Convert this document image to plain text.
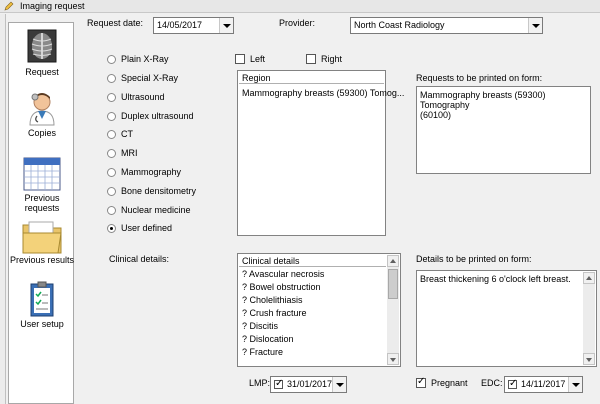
Imaging request
Request
Copies
Previous requests
Previous results
User setup
Request date: 14/05/2017	Provider:	North Coast Radiology
Plain X-Ray
Special X-Ray
Ultrasound
Duplex ultrasound
CT
MRI
Mammography
Bone densitometry
Nuclear medicine
User defined
Left	Right
Region
Mammography breasts (59300) Tomog...
Requests to be printed on form:
Mammography breasts (59300) Tomography
(60100)
Clinical details:	Clinical details
? Avascular necrosis
? Bowel obstruction
? Cholelithiasis
? Crush fracture
? Discitis
? Dislocation
? Fracture
Details to be printed on form:
Breast thickening 6 o'clock left breast.
LMP: ✓ 31/01/2017 ✓	Pregnant EDC: ✓ 14/11/2017
